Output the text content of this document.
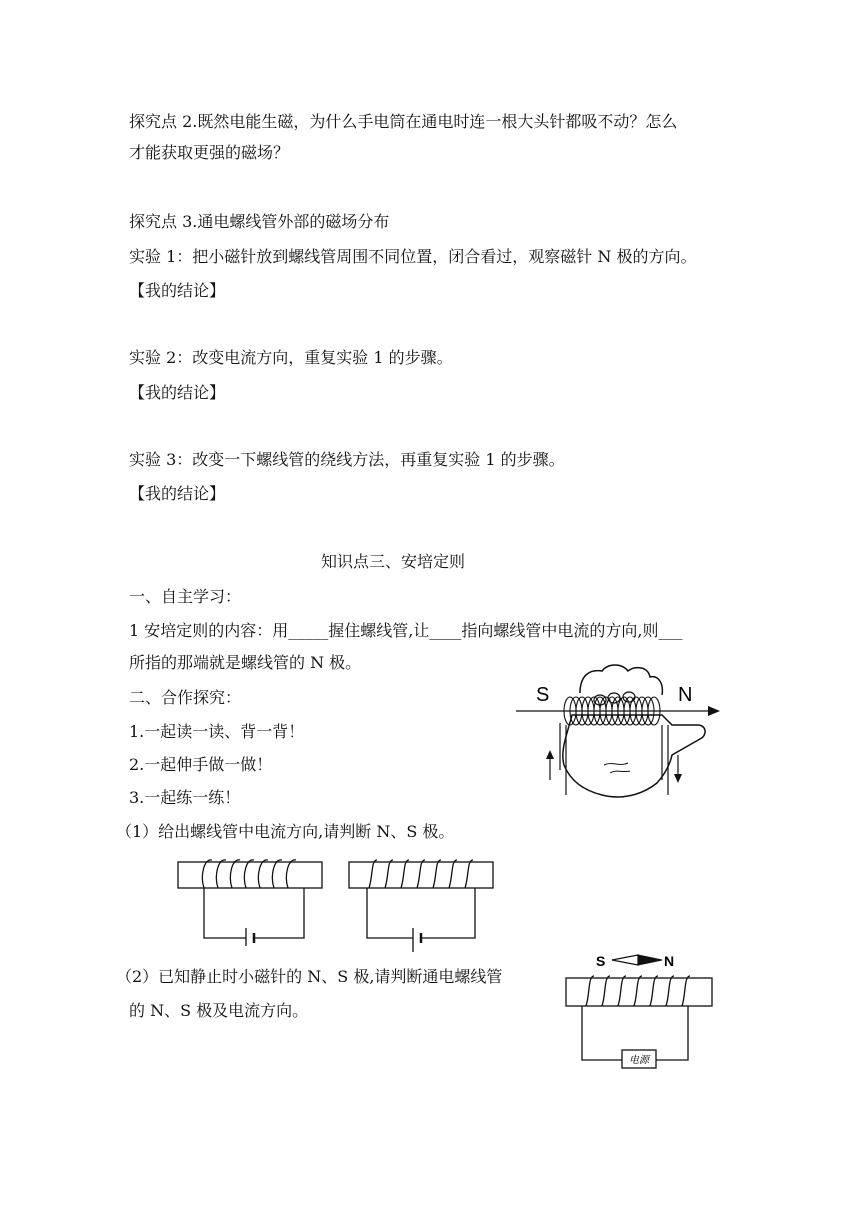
探究点 2.既然电能生磁，为什么手电筒在通电时连一根大头针都吸不动？怎么
才能获取更强的磁场？
探究点 3.通电螺线管外部的磁场分布
实验 1：把小磁针放到螺线管周围不同位置，闭合看过，观察磁针 N 极的方向。
【我的结论】
实验 2：改变电流方向，重复实验 1 的步骤。
【我的结论】
实验 3：改变一下螺线管的绕线方法，再重复实验 1 的步骤。
【我的结论】
知识点三、安培定则
一、自主学习：
1 安培定则的内容：用_____握住螺线管,让____指向螺线管中电流的方向,则___
所指的那端就是螺线管的 N 极。
二、合作探究：
1.一起读一读、背一背！
2.一起伸手做一做！
3.一起练一练！
（1）给出螺线管中电流方向,请判断 N、S 极。
（2）已知静止时小磁针的 N、S 极,请判断通电螺线管
的 N、S 极及电流方向。
S	N
S	N
电源
